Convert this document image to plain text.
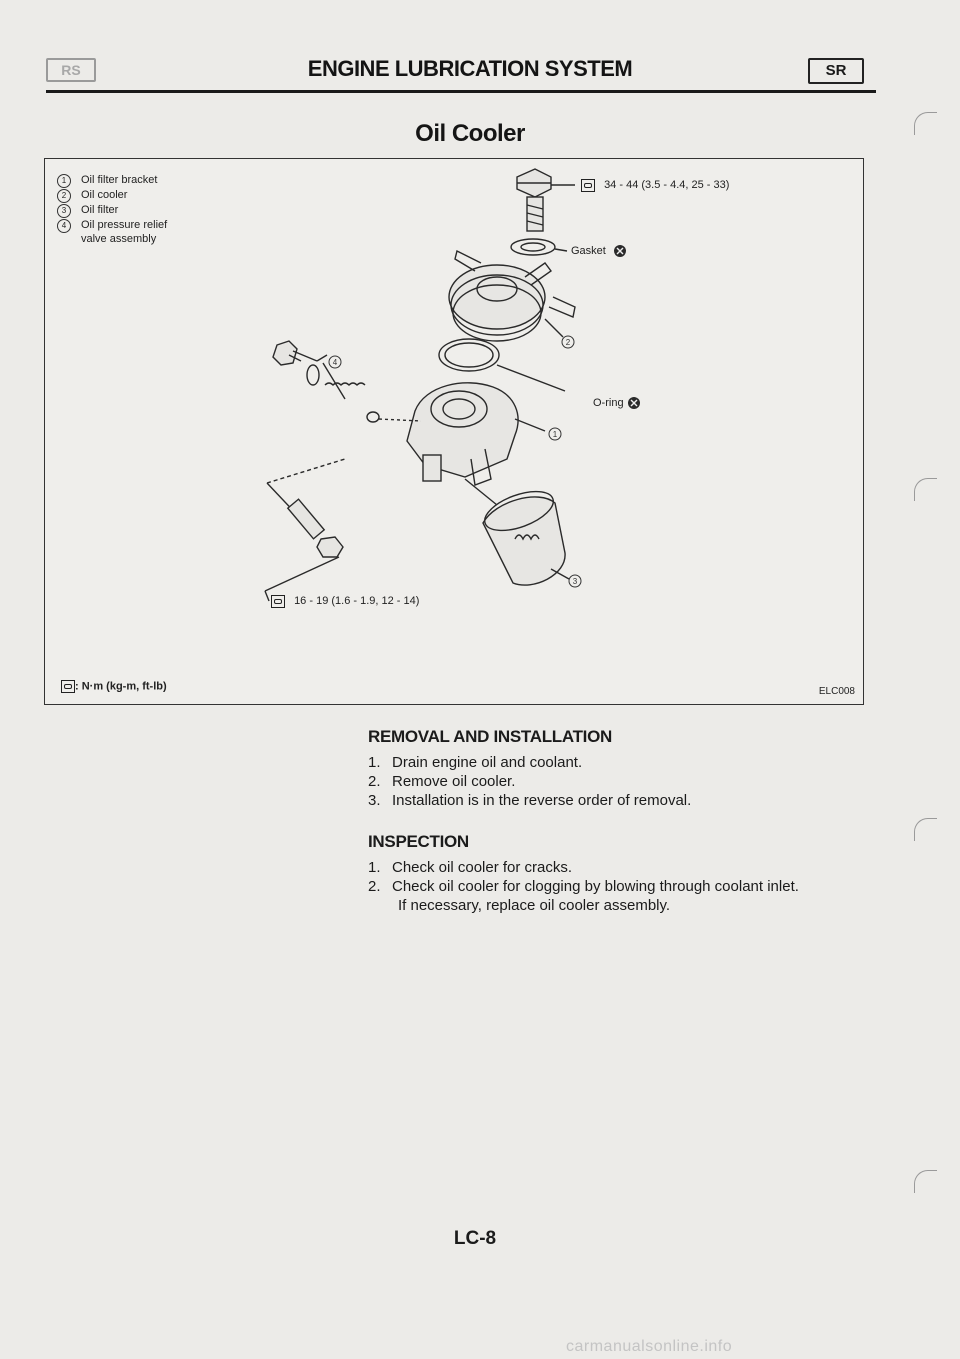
RS	ENGINE LUBRICATION SYSTEM	SR
Oil Cooler
1	Oil filter bracket
2	Oil cooler
3	Oil filter
4	Oil pressure relief valve assembly
2
4
1
3
34 - 44 (3.5 - 4.4, 25 - 33)
Gasket
O-ring
16 - 19 (1.6 - 1.9, 12 - 14)
: N·m (kg-m, ft-lb)	ELC008
REMOVAL AND INSTALLATION
1. Drain engine oil and coolant.
2. Remove oil cooler.
3. Installation is in the reverse order of removal.
INSPECTION
1. Check oil cooler for cracks.
2. Check oil cooler for clogging by blowing through coolant inlet.
If necessary, replace oil cooler assembly.
LC-8
carmanualsonline.info
